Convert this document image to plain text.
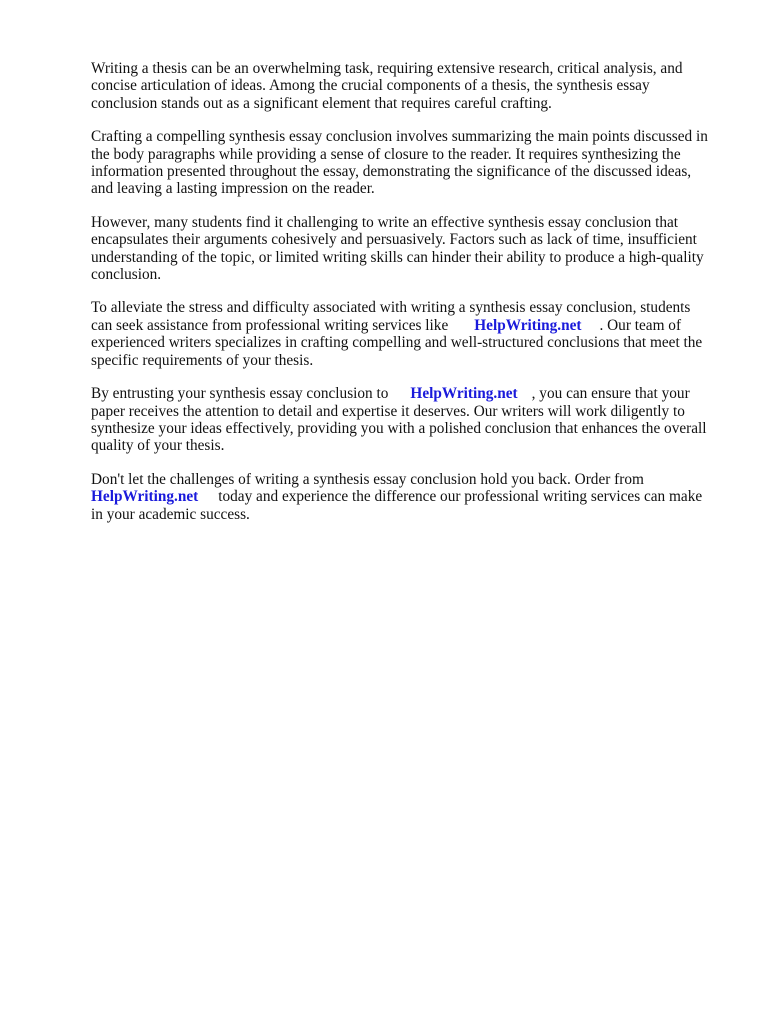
Writing a thesis can be an overwhelming task, requiring extensive research, critical analysis, and
concise articulation of ideas. Among the crucial components of a thesis, the synthesis essay
conclusion stands out as a significant element that requires careful crafting.

Crafting a compelling synthesis essay conclusion involves summarizing the main points discussed in
the body paragraphs while providing a sense of closure to the reader. It requires synthesizing the
information presented throughout the essay, demonstrating the significance of the discussed ideas,
and leaving a lasting impression on the reader.

However, many students find it challenging to write an effective synthesis essay conclusion that
encapsulates their arguments cohesively and persuasively. Factors such as lack of time, insufficient
understanding of the topic, or limited writing skills can hinder their ability to produce a high-quality
conclusion.

To alleviate the stress and difficulty associated with writing a synthesis essay conclusion, students
can seek assistance from professional writing services like HelpWriting.net . Our team of
experienced writers specializes in crafting compelling and well-structured conclusions that meet the
specific requirements of your thesis.

By entrusting your synthesis essay conclusion to HelpWriting.net , you can ensure that your
paper receives the attention to detail and expertise it deserves. Our writers will work diligently to
synthesize your ideas effectively, providing you with a polished conclusion that enhances the overall
quality of your thesis.

Don't let the challenges of writing a synthesis essay conclusion hold you back. Order from
HelpWriting.net today and experience the difference our professional writing services can make
in your academic success.
